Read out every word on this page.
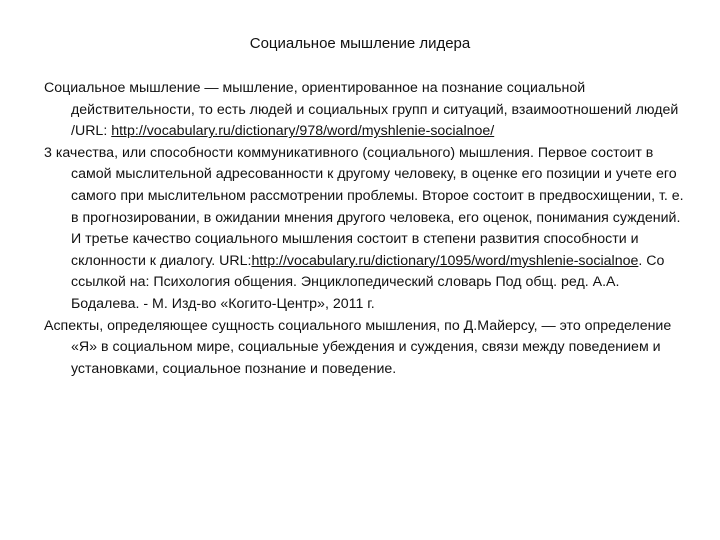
Социальное мышление лидера

Социальное мышление — мышление, ориентированное на познание социальной действительности, то есть людей и социальных групп и ситуаций, взаимоотношений людей /URL: http://vocabulary.ru/dictionary/978/word/myshlenie-socialnoe/

3 качества, или способности коммуникативного (социального) мышления. Первое состоит в самой мыслительной адресованности к другому человеку, в оценке его позиции и учете его самого при мыслительном рассмотрении проблемы. Второе состоит в предвосхищении, т. е. в прогнозировании, в ожидании мнения другого человека, его оценок, понимания суждений. И третье качество социального мышления состоит в степени развития способности и склонности к диалогу. URL:http://vocabulary.ru/dictionary/1095/word/myshlenie-socialnoe. Со ссылкой на: Психология общения. Энциклопедический словарь Под общ. ред. А.А. Бодалева. - М. Изд-во «Когито-Центр», 2011 г.

Аспекты, определяющее сущность социального мышления, по Д.Майерсу, — это определение «Я» в социальном мире, социальные убеждения и суждения, связи между поведением и установками, социальное познание и поведение.
